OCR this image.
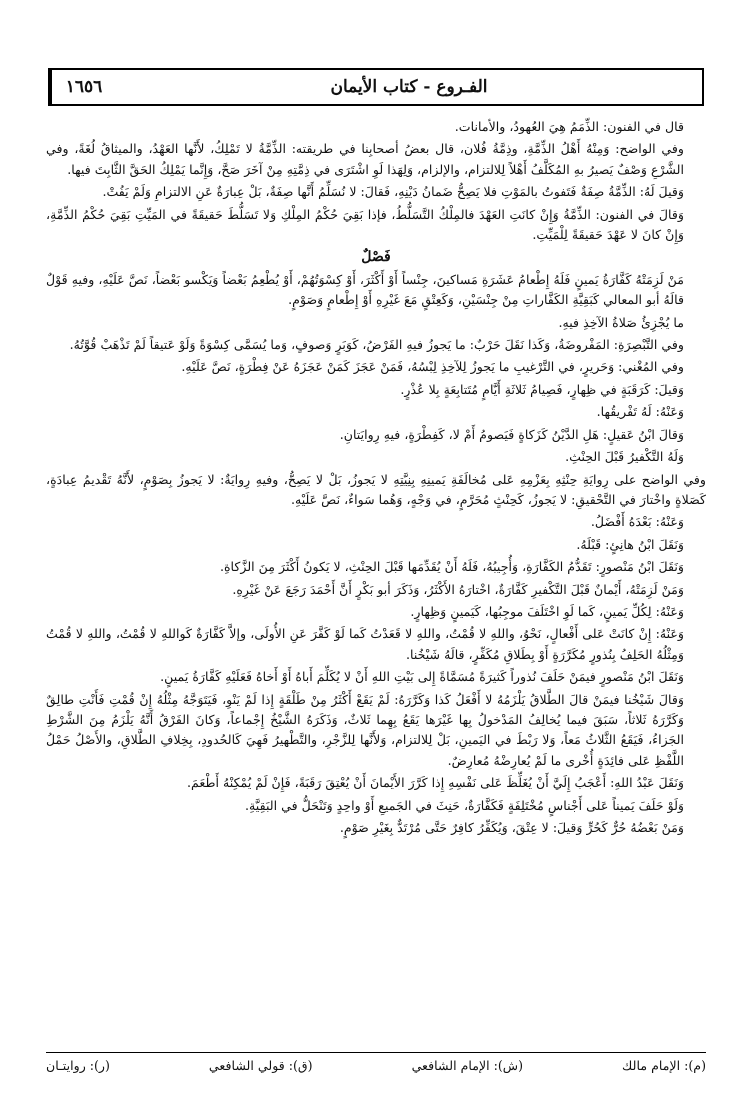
١٦٥٦	الفـروع - كتاب الأيمان

قال في الفنون: الذِّمَمُ هِيَ العُهودُ، والأمانات.

وفي الواضح: وَمِنْهُ أَهْلُ الذِّمَّةِ، وذِمَّةُ فُلان، قال بعضُ أصحابِنا في طريقته: الذِّمَّةُ لا تَمْلِكُ، لأَنَّها العَهْدُ، والميثاقُ لُغَةً، وفي الشَّرْعِ وَصْفٌ يَصيرُ بهِ المُكَلَّفُ أَهْلاً لِلالتزام، والإلزام، وَلِهَذا لَوِ اشْتَرَى في ذِمَّتِهِ مِنْ آخَرَ صَحَّ، وَإِنَّما يَمْلِكُ الحَقَّ الثَّابِتَ فيها.

وَقيلَ لَهُ: الذِّمَّةُ صِفَةٌ فَتَفوتُ بالمَوْتِ فلا يَصِحُّ ضَمانُ دَيْنِهِ، فَقالَ: لا نُسَلِّمُ أَنَّها صِفَةٌ، بَلْ عِبارَةٌ عَنِ الالتزامِ وَلَمْ يَفُتْ.

وَقالَ في الفنون: الذِّمَّةُ وَإِنْ كانَتِ العَهْدَ فالمِلْكُ التَّسَلُّطُ، فإذا بَقِيَ حُكْمُ المِلْكِ وَلا تَسَلُّطَ حَقيقَةً في المَيِّتِ بَقِيَ حُكْمُ الذِّمَّةِ، وَإِنْ كانَ لا عَهْدَ حَقيقَةً لِلْمَيِّتِ.

فَصْلٌ

مَنْ لَزِمَتْهُ كَفَّارَةُ يَمينٍ فَلَهُ إِطْعامُ عَشَرَةِ مَساكينَ، جِنْساً أَوْ أَكْثَرَ، أَوْ كِسْوَتُهُمْ، أَوْ يُطْعِمُ بَعْضاً وَيَكْسو بَعْضاً، نَصَّ عَلَيْهِ، وفيهِ قَوْلٌ قالَهُ أبو المعالي كَبَقِيَّةِ الكَفَّاراتِ مِنْ جِنْسَيْنِ، وَكَعِتْقٍ مَعَ غَيْرِهِ أَوْ إِطْعامٍ وَصَوْمٍ.

ما يُجْزِئُ صَلاةُ الآخِذِ فيهِ.

وفي التَّبْصِرَةِ: المَفْروضَةُ، وَكَذا نَقَلَ حَرْبٌ: ما يَجوزُ فيهِ الفَرْضُ، كَوَبَرٍ وَصوفٍ، وَما يُسَمَّى كِسْوَةً وَلَوْ عَتيقاً لَمْ تَذْهَبْ قُوَّتُهُ.

وفي المُغْني: وَحَريرٍ، في التَّرْغيبِ ما يَجوزُ لِلآخِذِ لِبْسُهُ، فَمَنْ عَجَزَ كَمَنْ عَجَزَهُ عَنْ فِطْرَةٍ، نَصَّ عَلَيْهِ.

وَقيلَ: كَرَقَبَةٍ في ظِهارٍ، فَصِيامُ ثَلاثَةِ أَيَّامٍ مُتَتابِعَةٍ بِلا عُذْرٍ.

وَعَنْهُ: لَهُ تَفْريقُها.

وَقالَ ابْنُ عَقيلٍ: هَلِ الدَّيْنُ كَزَكاةٍ فَيَصومُ أَمْ لا، كَفِطْرَةٍ، فيهِ رِوايَتانِ.

وَلَهُ التَّكْفيرُ قَبْلَ الحِنْثِ.

وفي الواضح على رِوايَةِ حِنْثِهِ بِعَزْمِهِ عَلى مُخالَفَةِ يَمينِهِ بِنِيَّتِهِ لا يَجوزُ، بَلْ لا يَصِحُّ، وفيهِ رِوايَةٌ: لا يَجوزُ بِصَوْمٍ، لأَنَّهُ تَقْديمُ عِبادَةٍ، كَصَلاةٍ واخْتارَ في التَّحْقيقِ: لا يَجوزُ، كَحِنْثٍ مُحَرَّمٍ، في وَجْهٍ، وَهُما سَواءٌ، نَصَّ عَلَيْهِ.

وَعَنْهُ: بَعْدَهُ أَفْضَلُ.

وَنَقَلَ ابْنُ هانِئٍ: قَبْلَهُ.

وَنَقَلَ ابْنُ مَنْصورٍ: تَقَدُّمُ الكَفَّارَةِ، وَأُجِيبُهُ، فَلَهُ أَنْ يُقَدِّمَها قَبْلَ الحِنْثِ، لا يَكونُ أَكْثَرَ مِنَ الزَّكاةِ.

وَمَنْ لَزِمَتْهُ، أَيْمانٌ قَبْلَ التَّكْفيرِ كَفَّارَةٌ، اخْتارَهُ الأَكْثَرُ، وَذَكَرَ أبو بَكْرٍ أَنَّ أَحْمَدَ رَجَعَ عَنْ غَيْرِهِ.

وَعَنْهُ: لِكُلِّ يَمينٍ، كَما لَوِ اخْتَلَفَ موجِبُها، كَيَمينٍ وَظِهارٍ.

وَعَنْهُ: إِنْ كانَتْ عَلى أَفْعالٍ، نَحْوُ، واللهِ لا قُمْتُ، واللهِ لا قَعَدْتُ كَما لَوْ كَفَّرَ عَنِ الأُولَى، وإلاَّ كَفَّارَةٌ كَواللهِ لا قُمْتُ، واللهِ لا قُمْتُ وَمِثْلُهُ الحَلِفُ بِنُذورٍ مُكَرَّرَةٍ أَوْ بِطَلاقِ مُكَفِّرٍ، قالَهُ شَيْخُنا.

وَنَقَلَ ابْنُ مَنْصورٍ فيمَنْ حَلَفَ نُذوراً كَثيرَةً مُسَمَّاةً إِلى بَيْتِ اللهِ أَنْ لا يُكَلِّمَ أَباهُ أَوْ أَخاهُ فَعَلَيْهِ كَفَّارَةُ يَمينٍ.

وَقالَ شَيْخُنا فيمَنْ قالَ الطَّلاقُ يَلْزَمُهُ لا أَفْعَلُ كَذا وَكَرَّرَهُ: لَمْ يَقَعْ أَكْثَرُ مِنْ طَلْقَةٍ إِذا لَمْ يَنْوِ، فَيَتَوَجَّهُ مِثْلُهُ إِنْ قُمْتِ فَأَنْتِ طالِقٌ وَكَرَّرَهُ ثَلاثاً، سَبَقَ فيما يُخالِفُ المَدْخولُ بِها غَيْرَها يَقَعُ بِهِما ثَلاثٌ، وَذَكَرَهُ الشَّيْخُ إِجْماعاً، وَكانَ الفَرْقُ أَنَّهُ يَلْزَمُ مِنَ الشَّرْطِ الجَزاءُ، فَيَقَعُ الثَّلاثُ مَعاً، وَلا رَبْطَ في اليَمينِ، بَلْ لِلالتزام، وَلأَنَّها لِلزَّجْرِ، والتَّطْهيرُ فَهِيَ كَالحُدودِ، بِخِلافِ الطَّلاقِ، والأَصْلُ حَمْلُ اللَّفْظِ عَلى فائِدَةٍ أُخْرى ما لَمْ يُعارِضْهُ مُعارِضٌ.

وَنَقَلَ عَبْدُ اللهِ: أَعْجَبُ إِلَيَّ أَنْ يُغَلِّظَ عَلى نَفْسِهِ إِذا كَرَّرَ الأَيْمانَ أَنْ يُعْتِقَ رَقَبَةً، فَإِنْ لَمْ يُمْكِنْهُ أَطْعَمَ.

وَلَوْ حَلَفَ يَميناً عَلى أَجْناسٍ مُخْتَلِفَةٍ فَكَفَّارَةٌ، حَنِثَ في الجَميعِ أَوْ واحِدٍ وَتَنْحَلُّ في البَقِيَّةِ.

وَمَنْ بَعْضُهُ حُرٌّ كَحُرٍّ وَقيلَ: لا عِتْقَ، وَيُكَفِّرُ كافِرٌ حَتَّى مُرْتَدٌّ بِغَيْرِ صَوْمٍ.

(م): الإمام مالك
(ش): الإمام الشافعي
(ق): قولي الشافعي
(ر): روايتـان
